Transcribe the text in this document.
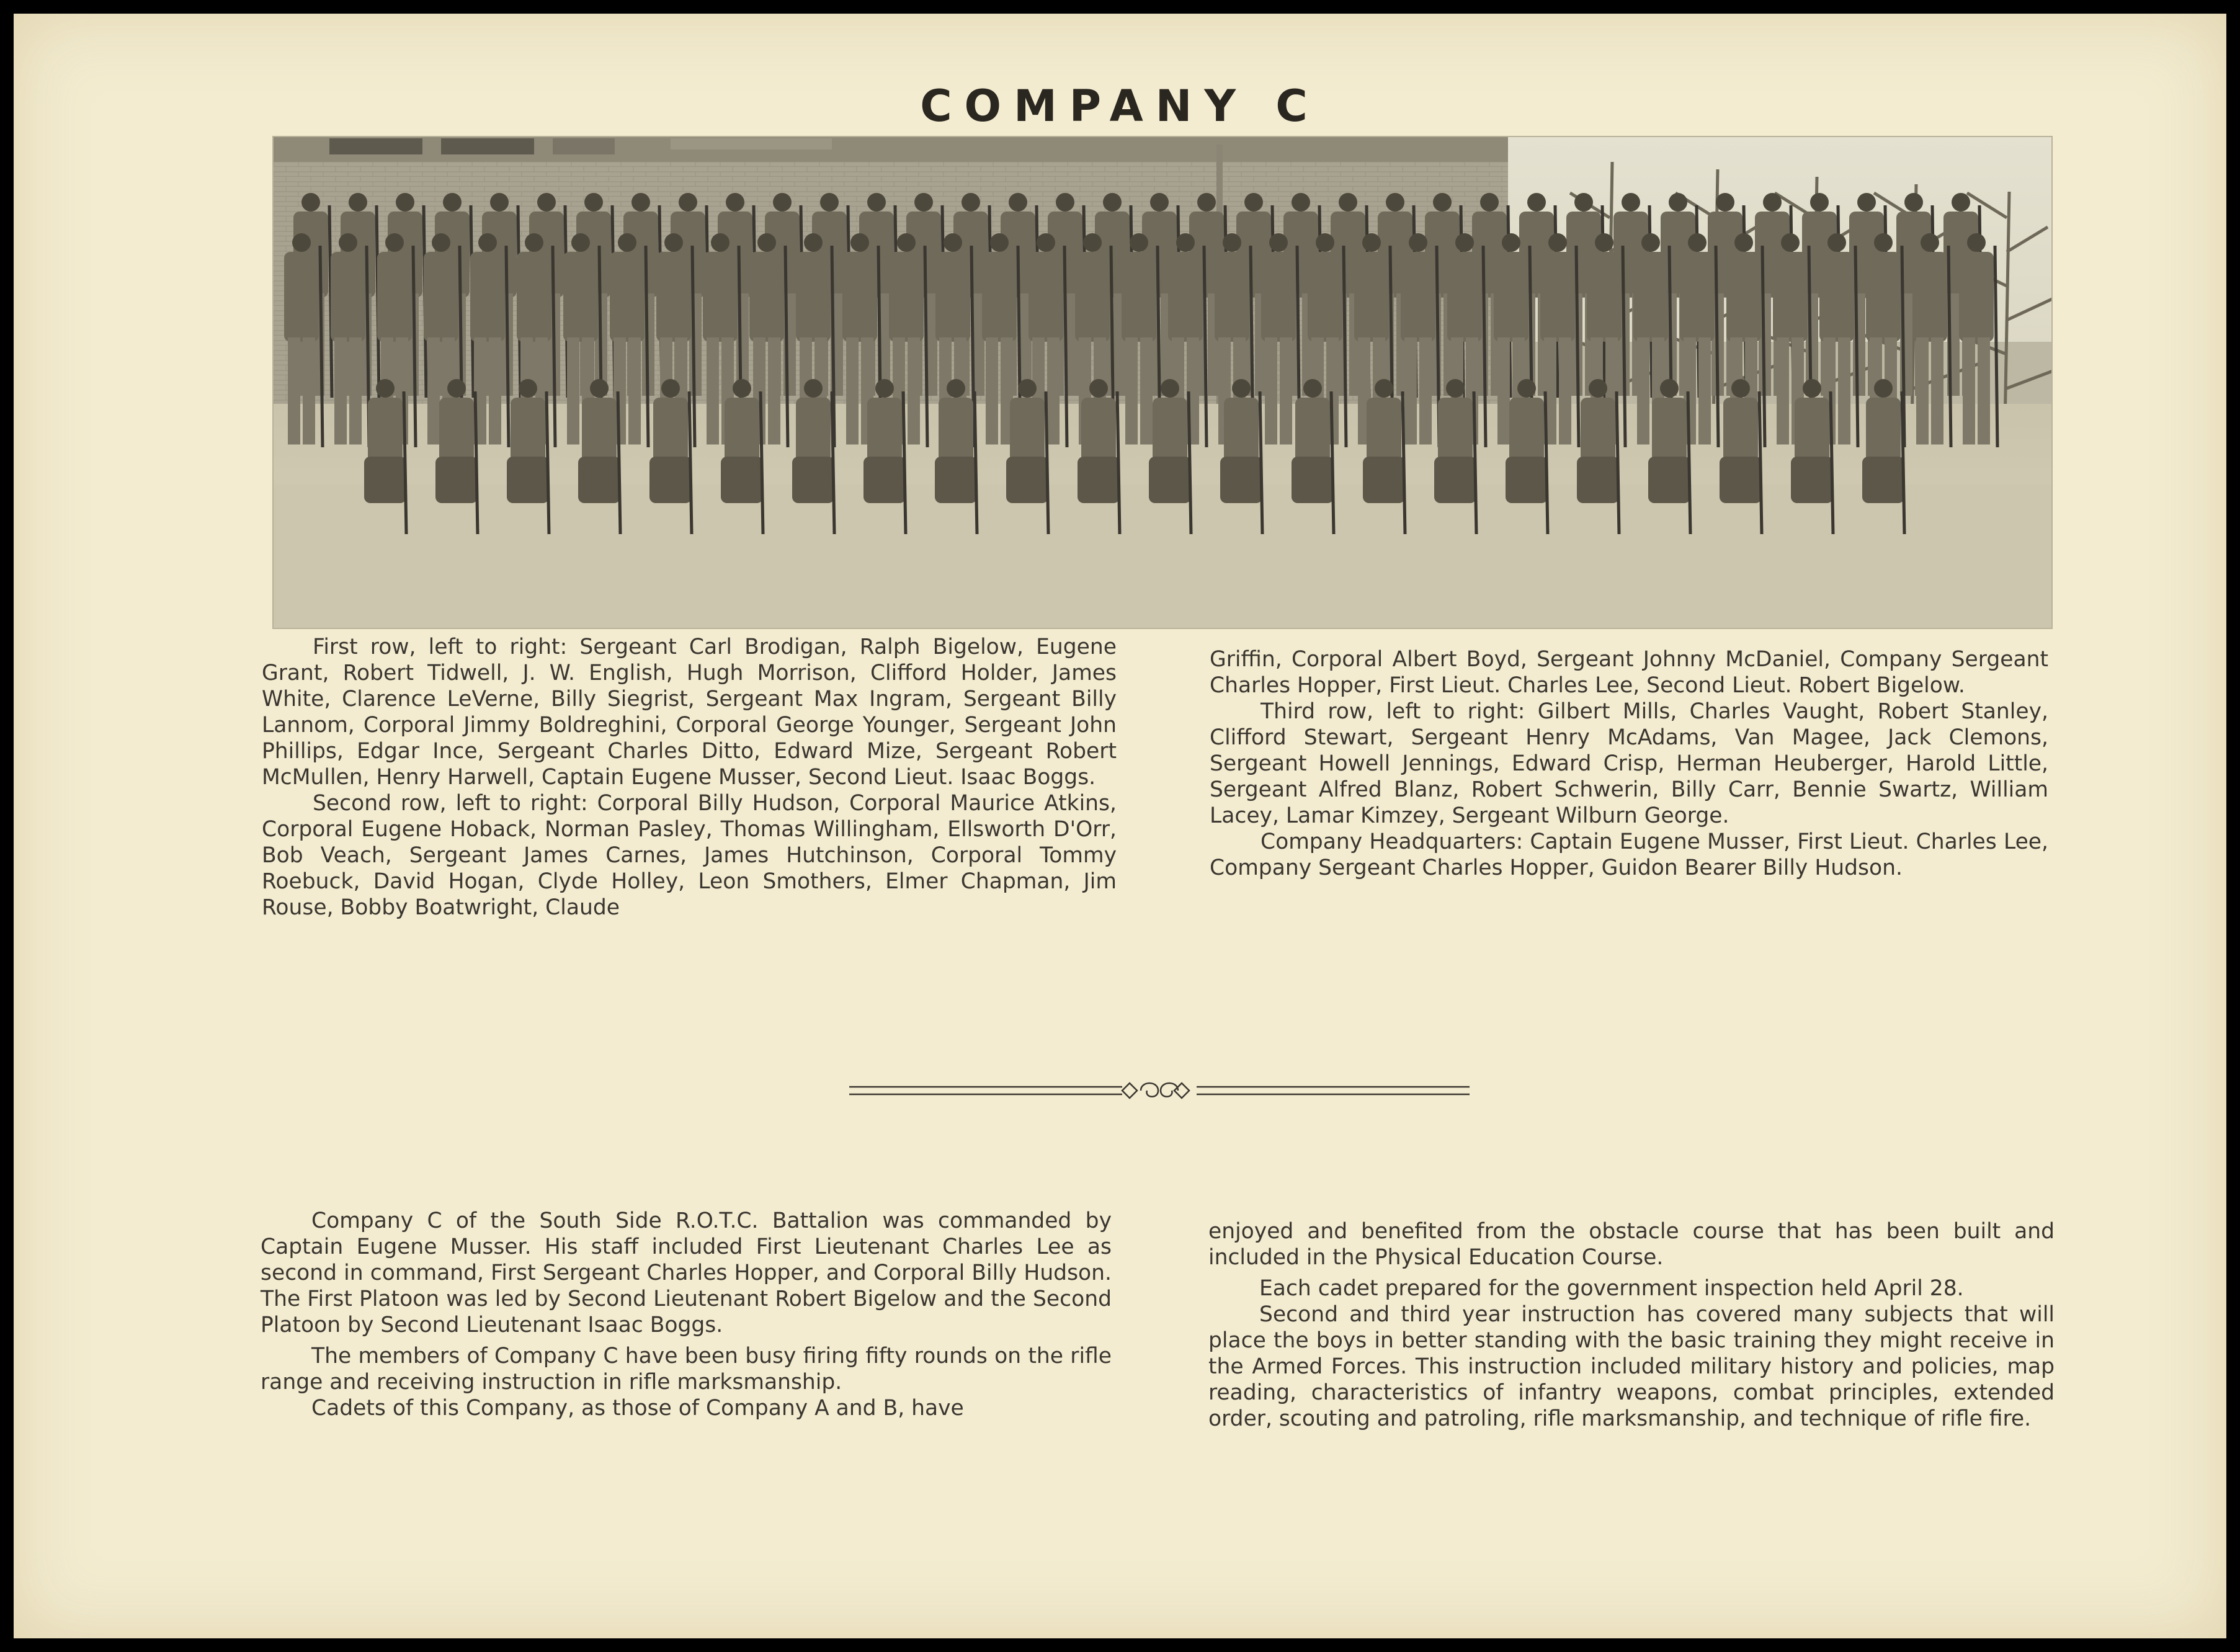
COMPANY C

First row, left to right: Sergeant Carl Brodigan, Ralph Bigelow, Eugene Grant, Robert Tidwell, J. W. English, Hugh Morrison, Clifford Holder, James White, Clarence LeVerne, Billy Siegrist, Sergeant Max Ingram, Sergeant Billy Lannom, Corporal Jimmy Boldreghini, Corporal George Younger, Sergeant John Phillips, Edgar Ince, Sergeant Charles Ditto, Edward Mize, Sergeant Robert McMullen, Henry Harwell, Captain Eugene Musser, Second Lieut. Isaac Boggs.

Second row, left to right: Corporal Billy Hudson, Corporal Maurice Atkins, Corporal Eugene Hoback, Norman Pasley, Thomas Willingham, Ellsworth D'Orr, Bob Veach, Sergeant James Carnes, James Hutchinson, Corporal Tommy Roebuck, David Hogan, Clyde Holley, Leon Smothers, Elmer Chapman, Jim Rouse, Bobby Boatwright, Claude

Griffin, Corporal Albert Boyd, Sergeant Johnny McDaniel, Company Sergeant Charles Hopper, First Lieut. Charles Lee, Second Lieut. Robert Bigelow.

Third row, left to right: Gilbert Mills, Charles Vaught, Robert Stanley, Clifford Stewart, Sergeant Henry McAdams, Van Magee, Jack Clemons, Sergeant Howell Jennings, Edward Crisp, Herman Heuberger, Harold Little, Sergeant Alfred Blanz, Robert Schwerin, Billy Carr, Bennie Swartz, William Lacey, Lamar Kimzey, Sergeant Wilburn George.

Company Headquarters: Captain Eugene Musser, First Lieut. Charles Lee, Company Sergeant Charles Hopper, Guidon Bearer Billy Hudson.

Company C of the South Side R.O.T.C. Battalion was commanded by Captain Eugene Musser. His staff included First Lieutenant Charles Lee as second in command, First Sergeant Charles Hopper, and Corporal Billy Hudson. The First Platoon was led by Second Lieutenant Robert Bigelow and the Second Platoon by Second Lieutenant Isaac Boggs.

The members of Company C have been busy firing fifty rounds on the rifle range and receiving instruction in rifle marksmanship.

Cadets of this Company, as those of Company A and B, have

enjoyed and benefited from the obstacle course that has been built and included in the Physical Education Course.

Each cadet prepared for the government inspection held April 28.

Second and third year instruction has covered many subjects that will place the boys in better standing with the basic training they might receive in the Armed Forces. This instruction included military history and policies, map reading, characteristics of infantry weapons, combat principles, extended order, scouting and patroling, rifle marksmanship, and technique of rifle fire.
